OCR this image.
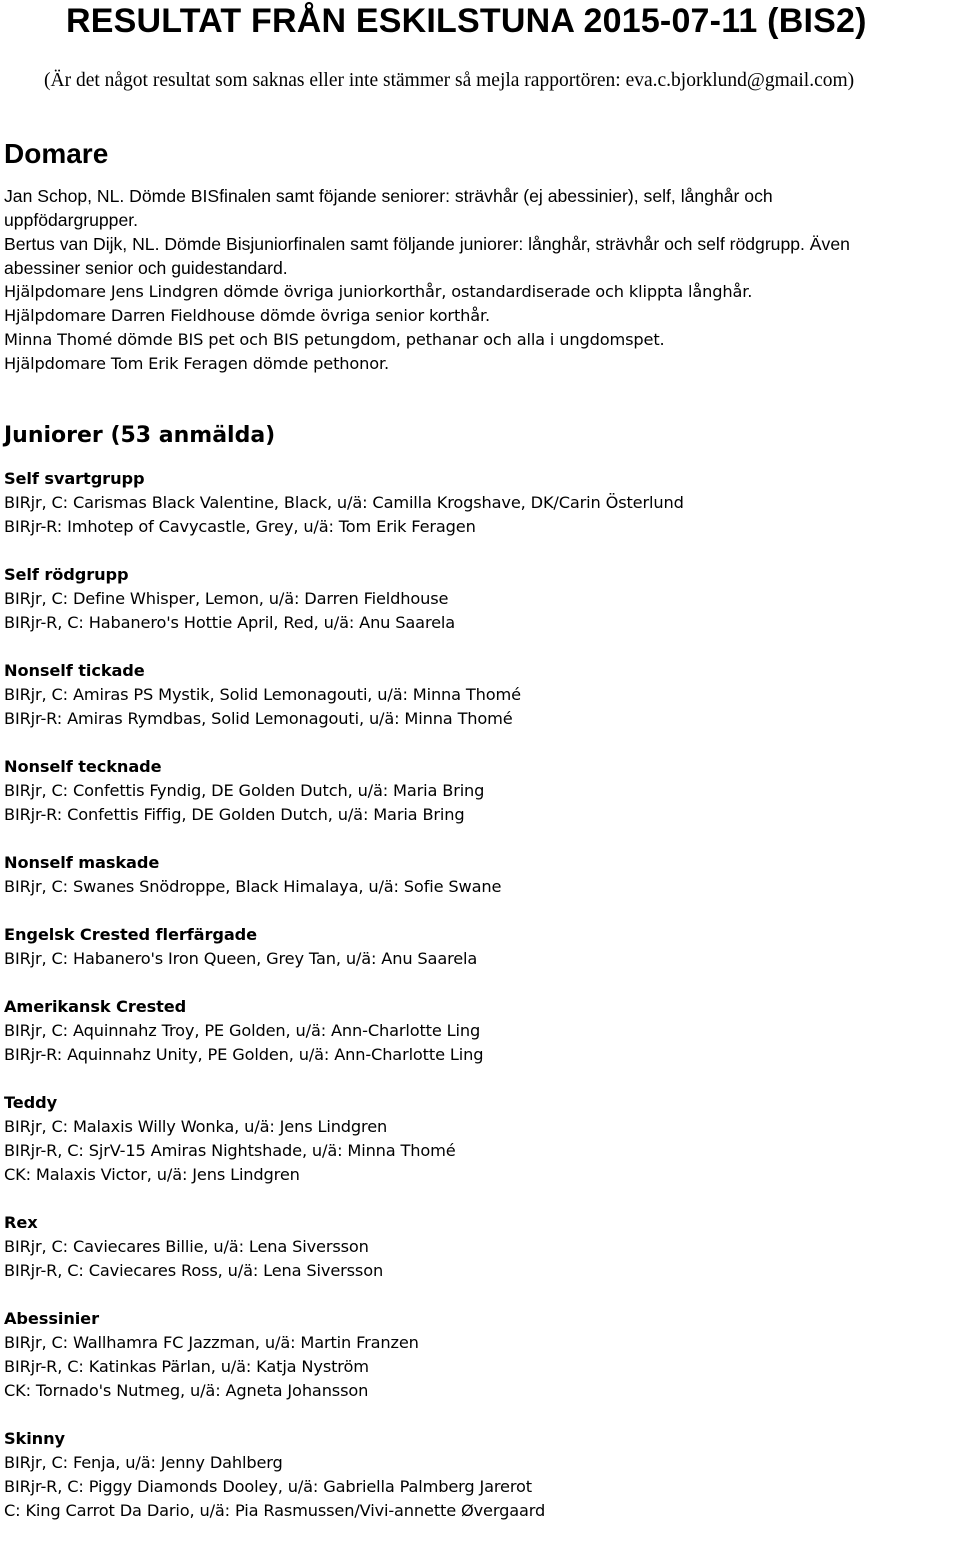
RESULTAT FRÅN ESKILSTUNA 2015-07-11 (BIS2)
(Är det något resultat som saknas eller inte stämmer så mejla rapportören: eva.c.bjorklund@gmail.com)
Domare
Jan Schop, NL. Dömde BISfinalen samt föjande seniorer: strävhår (ej abessinier), self, långhår och
uppfödargrupper.
Bertus van Dijk, NL. Dömde Bisjuniorfinalen samt följande juniorer: långhår, strävhår och self rödgrupp. Även
abessiner senior och guidestandard.
Hjälpdomare Jens Lindgren dömde övriga juniorkorthår, ostandardiserade och klippta långhår.
Hjälpdomare Darren Fieldhouse dömde övriga senior korthår.
Minna Thomé dömde BIS pet och BIS petungdom, pethanar och alla i ungdomspet.
Hjälpdomare Tom Erik Feragen dömde pethonor.
Juniorer (53 anmälda)
Self svartgrupp
BIRjr, C: Carismas Black Valentine, Black, u/ä: Camilla Krogshave, DK/Carin Österlund
BIRjr-R: Imhotep of Cavycastle, Grey, u/ä: Tom Erik Feragen
Self rödgrupp
BIRjr, C: Define Whisper, Lemon, u/ä: Darren Fieldhouse
BIRjr-R, C: Habanero's Hottie April, Red, u/ä: Anu Saarela
Nonself tickade
BIRjr, C: Amiras PS Mystik, Solid Lemonagouti, u/ä: Minna Thomé
BIRjr-R: Amiras Rymdbas, Solid Lemonagouti, u/ä: Minna Thomé
Nonself tecknade
BIRjr, C: Confettis Fyndig, DE Golden Dutch, u/ä: Maria Bring
BIRjr-R: Confettis Fiffig, DE Golden Dutch, u/ä: Maria Bring
Nonself maskade
BIRjr, C: Swanes Snödroppe, Black Himalaya, u/ä: Sofie Swane
Engelsk Crested flerfärgade
BIRjr, C: Habanero's Iron Queen, Grey Tan, u/ä: Anu Saarela
Amerikansk Crested
BIRjr, C: Aquinnahz Troy, PE Golden, u/ä: Ann-Charlotte Ling
BIRjr-R: Aquinnahz Unity, PE Golden, u/ä: Ann-Charlotte Ling
Teddy
BIRjr, C: Malaxis Willy Wonka, u/ä: Jens Lindgren
BIRjr-R, C: SjrV-15 Amiras Nightshade, u/ä: Minna Thomé
CK: Malaxis Victor, u/ä: Jens Lindgren
Rex
BIRjr, C: Caviecares Billie, u/ä: Lena Siversson
BIRjr-R, C: Caviecares Ross, u/ä: Lena Siversson
Abessinier
BIRjr, C: Wallhamra FC Jazzman, u/ä: Martin Franzen
BIRjr-R, C: Katinkas Pärlan, u/ä: Katja Nyström
CK: Tornado's Nutmeg, u/ä: Agneta Johansson
Skinny
BIRjr, C: Fenja, u/ä: Jenny Dahlberg
BIRjr-R, C: Piggy Diamonds Dooley, u/ä: Gabriella Palmberg Jarerot
C: King Carrot Da Dario, u/ä: Pia Rasmussen/Vivi-annette Øvergaard
